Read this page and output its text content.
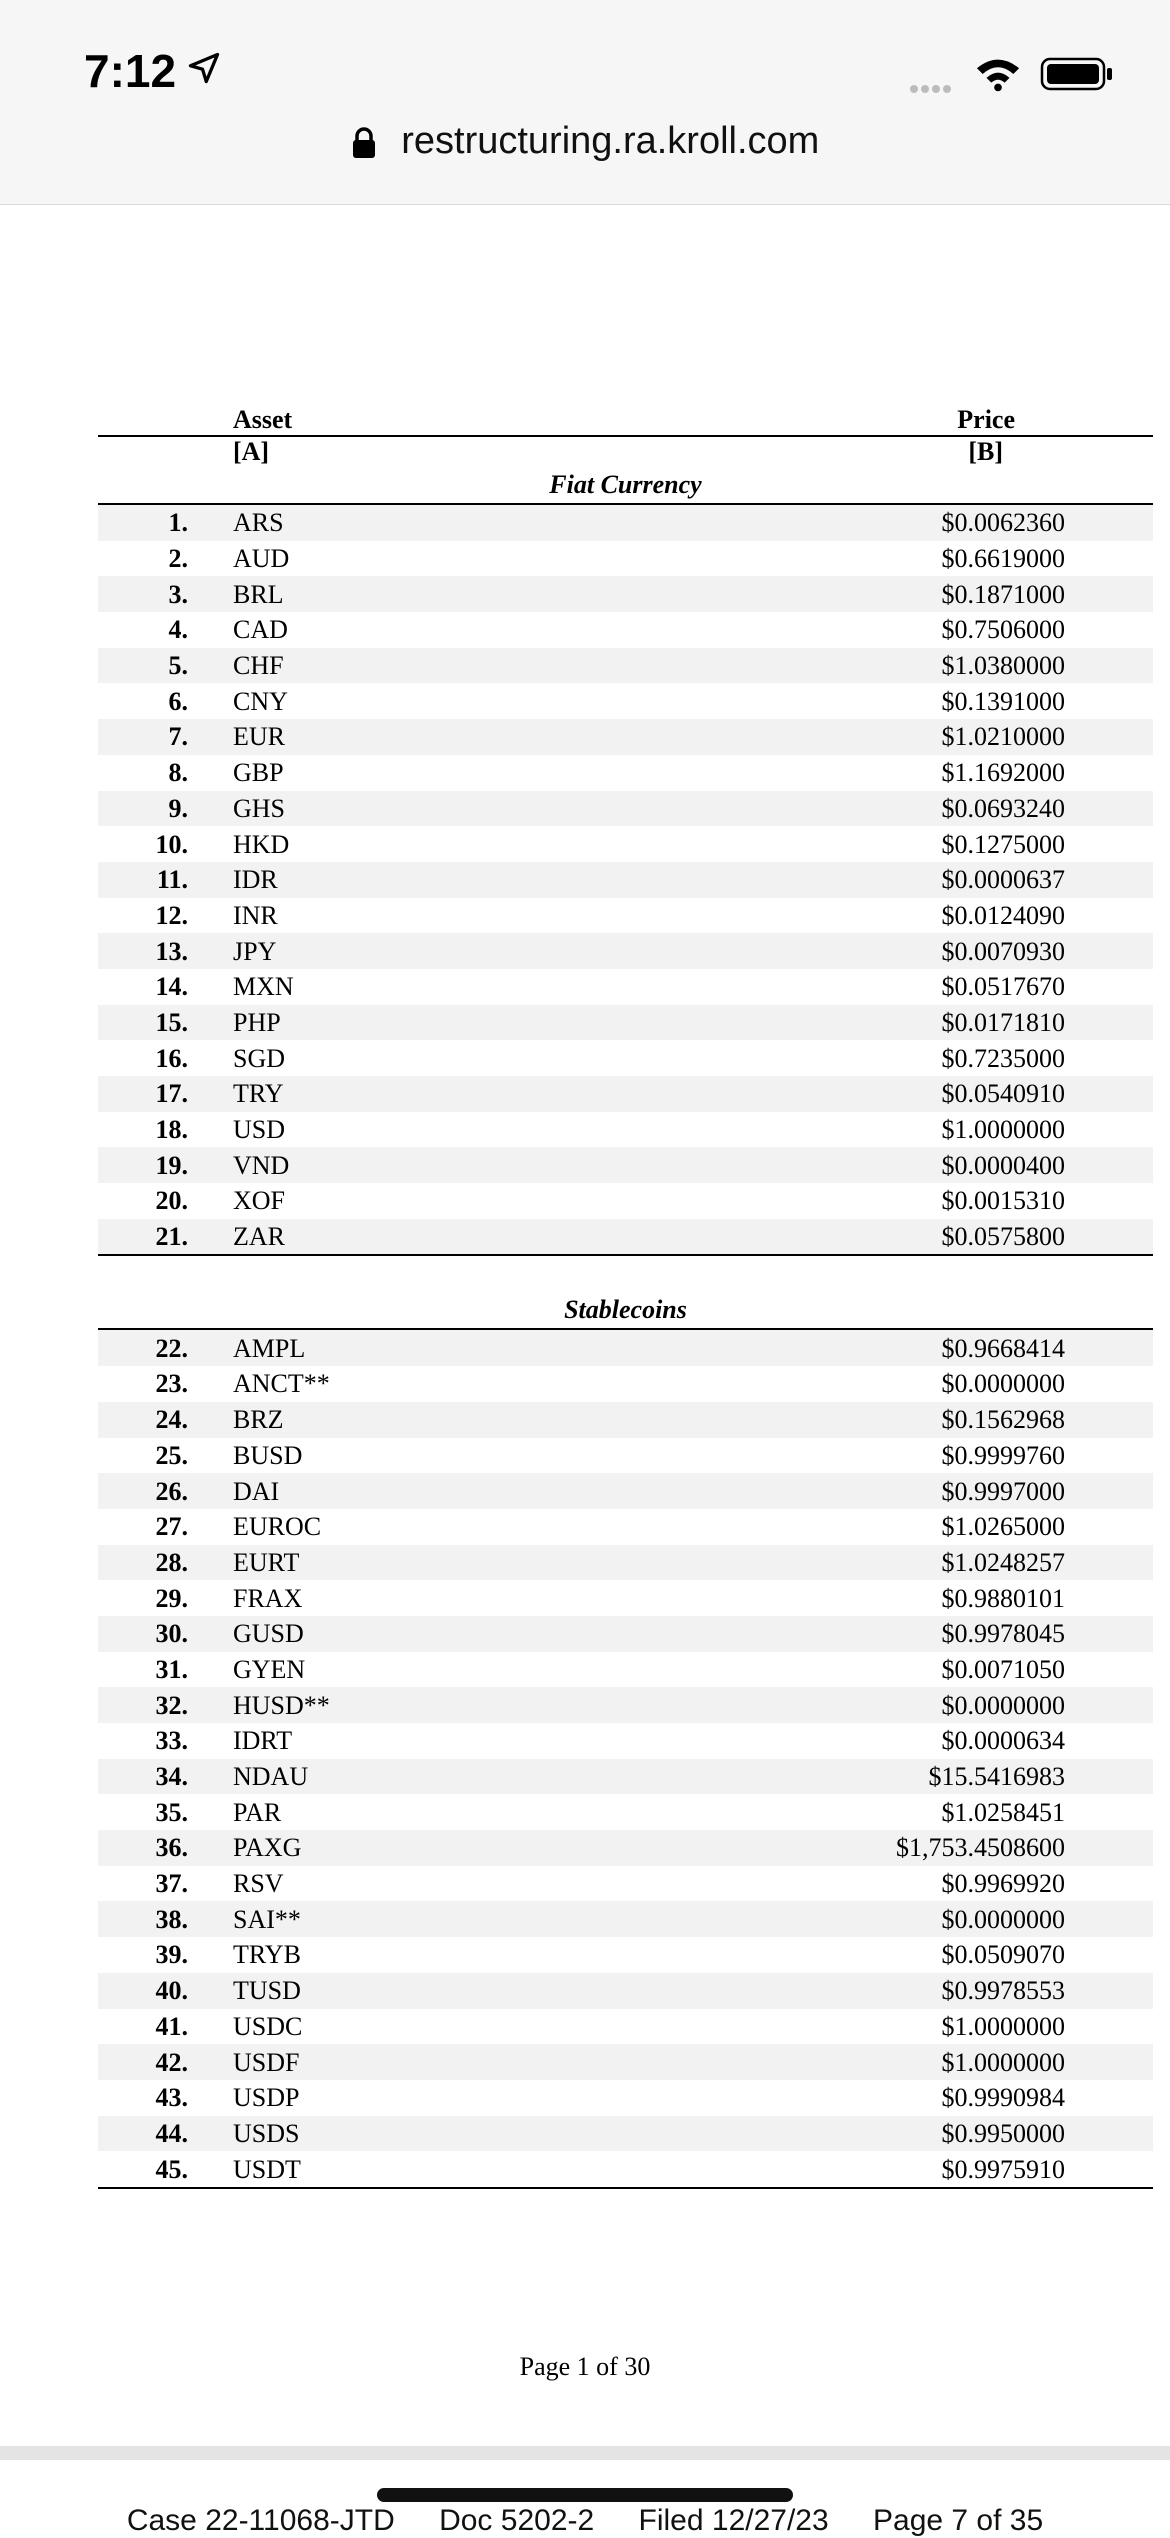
7:12
restructuring.ra.kroll.com
	Asset	Price
	[A]	[B]
Fiat Currency		
1.	ARS	$0.0062360
2.	AUD	$0.6619000
3.	BRL	$0.1871000
4.	CAD	$0.7506000
5.	CHF	$1.0380000
6.	CNY	$0.1391000
7.	EUR	$1.0210000
8.	GBP	$1.1692000
9.	GHS	$0.0693240
10.	HKD	$0.1275000
11.	IDR	$0.0000637
12.	INR	$0.0124090
13.	JPY	$0.0070930
14.	MXN	$0.0517670
15.	PHP	$0.0171810
16.	SGD	$0.7235000
17.	TRY	$0.0540910
18.	USD	$1.0000000
19.	VND	$0.0000400
20.	XOF	$0.0015310
21.	ZAR	$0.0575800

Stablecoins		
22.	AMPL	$0.9668414
23.	ANCT**	$0.0000000
24.	BRZ	$0.1562968
25.	BUSD	$0.9999760
26.	DAI	$0.9997000
27.	EUROC	$1.0265000
28.	EURT	$1.0248257
29.	FRAX	$0.9880101
30.	GUSD	$0.9978045
31.	GYEN	$0.0071050
32.	HUSD**	$0.0000000
33.	IDRT	$0.0000634
34.	NDAU	$15.5416983
35.	PAR	$1.0258451
36.	PAXG	$1,753.4508600
37.	RSV	$0.9969920
38.	SAI**	$0.0000000
39.	TRYB	$0.0509070
40.	TUSD	$0.9978553
41.	USDC	$1.0000000
42.	USDF	$1.0000000
43.	USDP	$0.9990984
44.	USDS	$0.9950000
45.	USDT	$0.9975910
Page 1 of 30
Case 22-11068-JTD Doc 5202-2 Filed 12/27/23 Page 7 of 35
